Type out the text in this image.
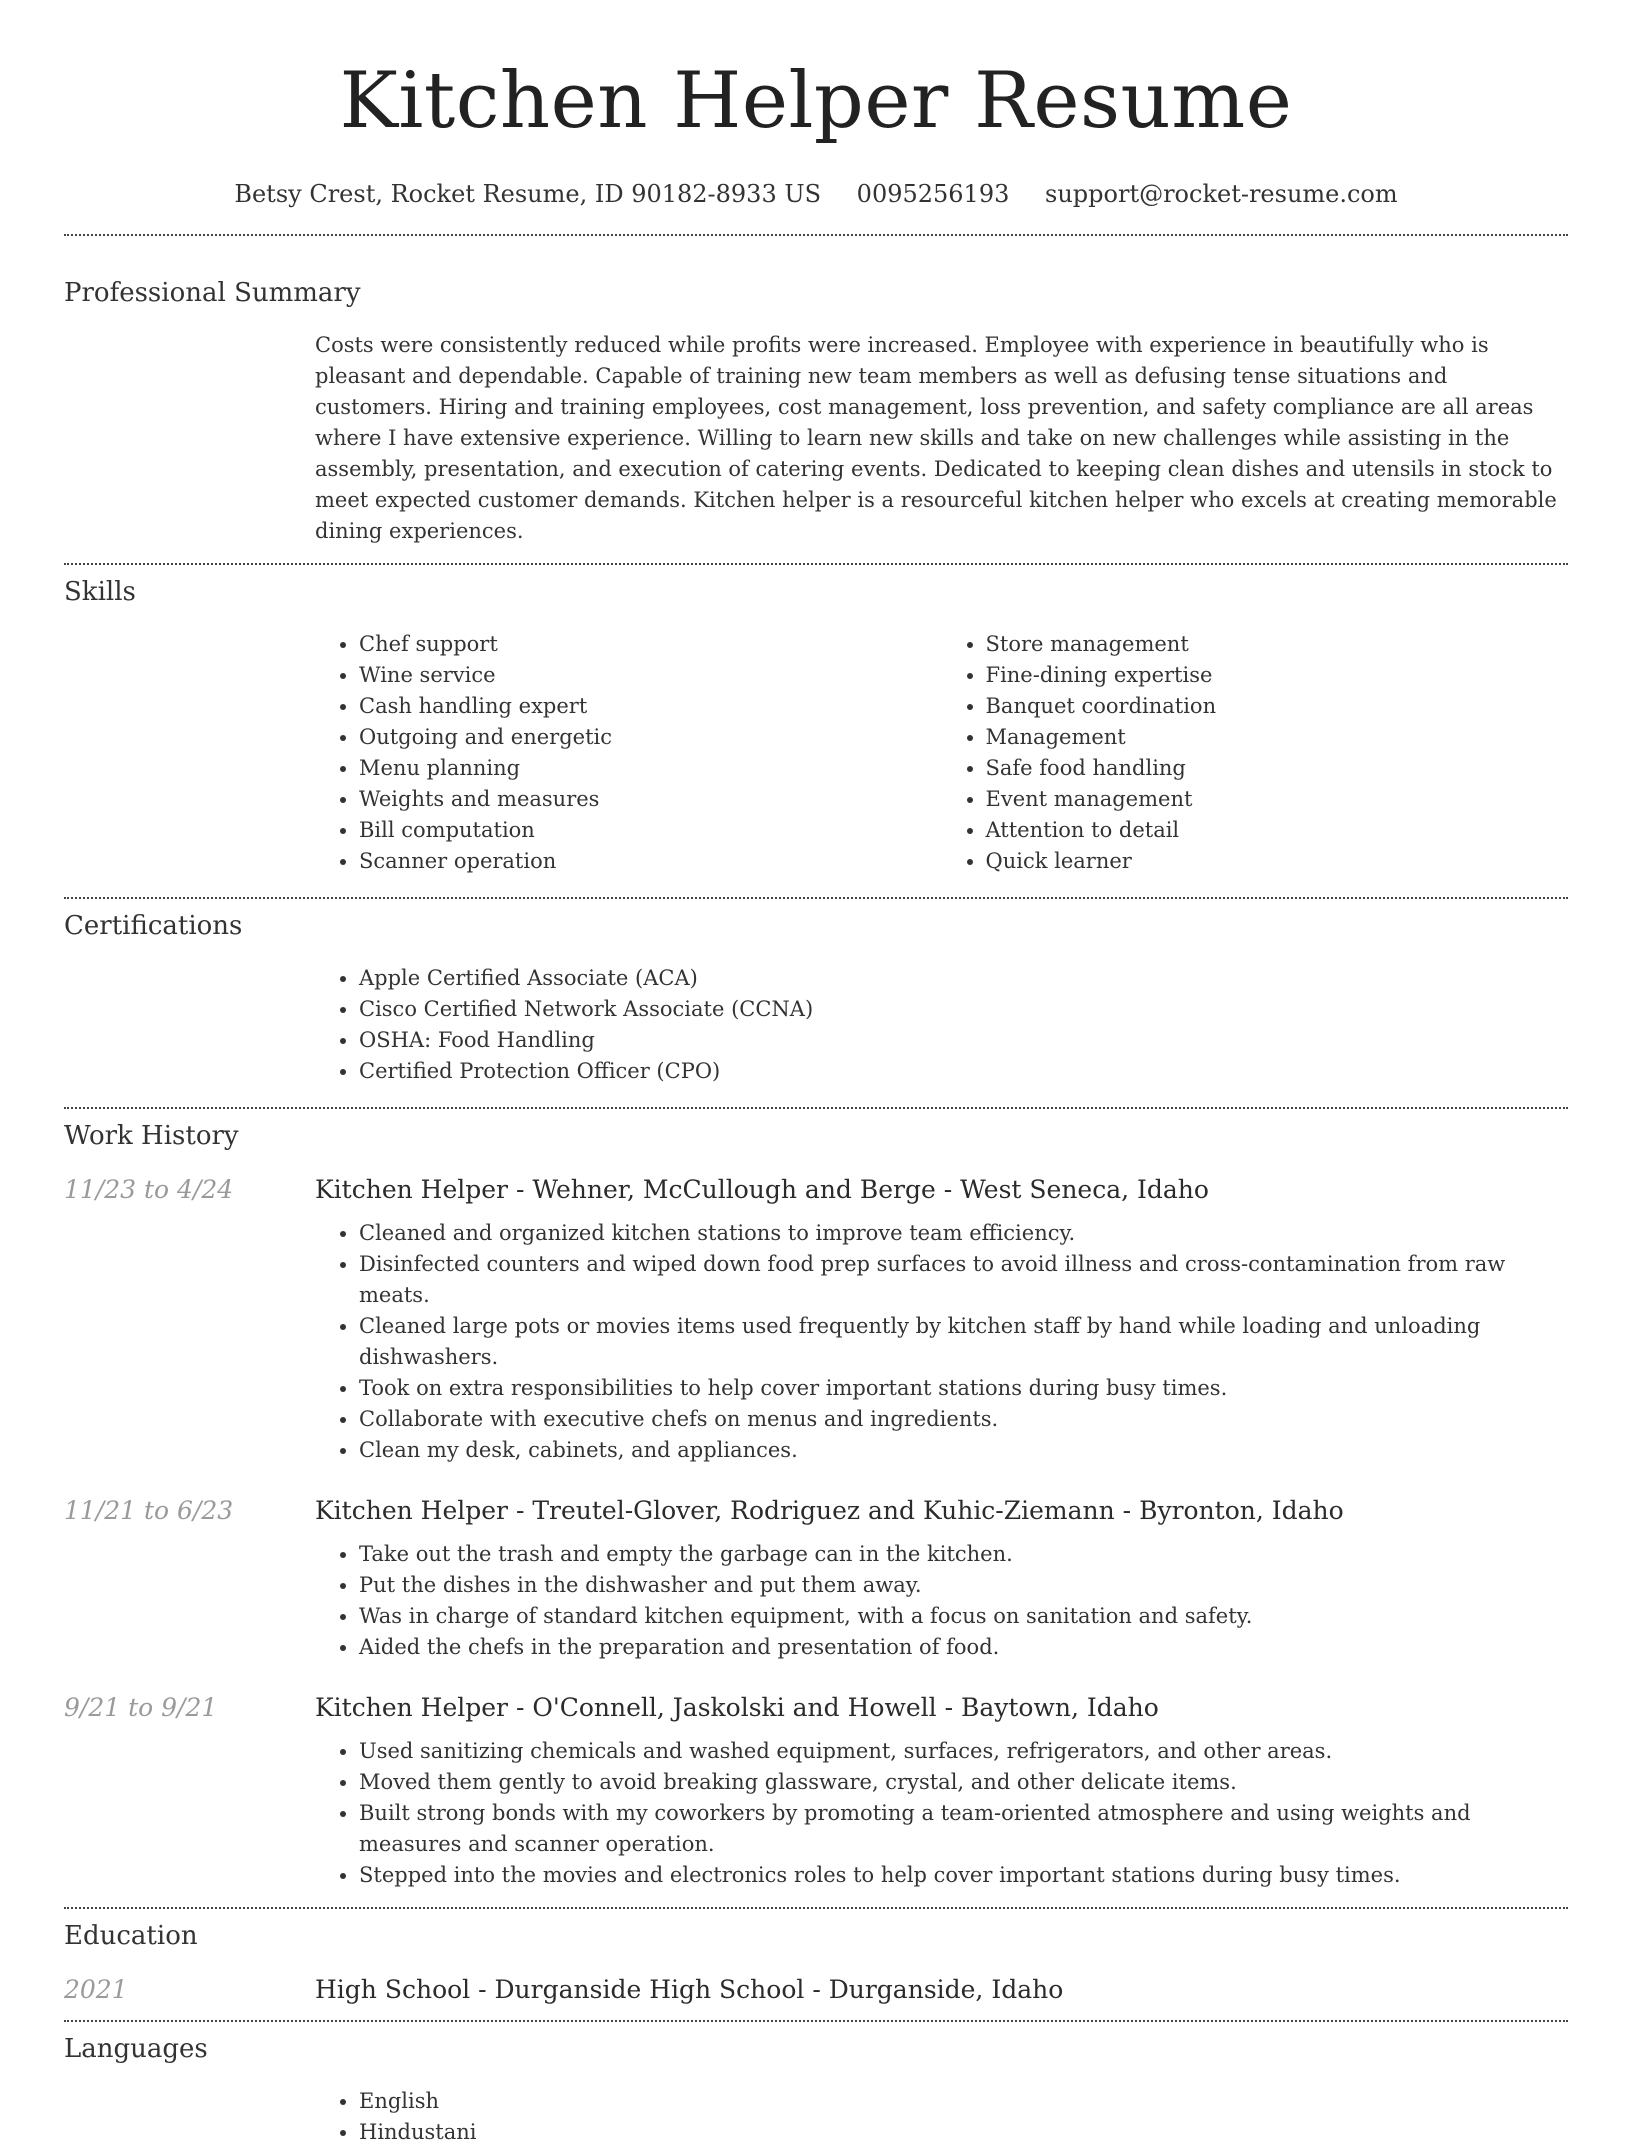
Kitchen Helper Resume
Betsy Crest, Rocket Resume, ID 90182-8933 US 0095256193 support@rocket-resume.com
Professional Summary

Costs were consistently reduced while profits were increased. Employee with experience in beautifully who is pleasant and dependable. Capable of training new team members as well as defusing tense situations and customers. Hiring and training employees, cost management, loss prevention, and safety compliance are all areas where I have extensive experience. Willing to learn new skills and take on new challenges while assisting in the assembly, presentation, and execution of catering events. Dedicated to keeping clean dishes and utensils in stock to meet expected customer demands. Kitchen helper is a resourceful kitchen helper who excels at creating memorable dining experiences.

Skills
• Chef support
• Wine service
• Cash handling expert
• Outgoing and energetic
• Menu planning
• Weights and measures
• Bill computation
• Scanner operation
• Store management
• Fine-dining expertise
• Banquet coordination
• Management
• Safe food handling
• Event management
• Attention to detail
• Quick learner
Certifications
• Apple Certified Associate (ACA)
• Cisco Certified Network Associate (CCNA)
• OSHA: Food Handling
• Certified Protection Officer (CPO)
Work History
11/23 to 4/24	Kitchen Helper - Wehner, McCullough and Berge - West Seneca, Idaho
• Cleaned and organized kitchen stations to improve team efficiency.
• Disinfected counters and wiped down food prep surfaces to avoid illness and cross-contamination from raw meats.
• Cleaned large pots or movies items used frequently by kitchen staff by hand while loading and unloading dishwashers.
• Took on extra responsibilities to help cover important stations during busy times.
• Collaborate with executive chefs on menus and ingredients.
• Clean my desk, cabinets, and appliances.
11/21 to 6/23	Kitchen Helper - Treutel-Glover, Rodriguez and Kuhic-Ziemann - Byronton, Idaho
• Take out the trash and empty the garbage can in the kitchen.
• Put the dishes in the dishwasher and put them away.
• Was in charge of standard kitchen equipment, with a focus on sanitation and safety.
• Aided the chefs in the preparation and presentation of food.
9/21 to 9/21	Kitchen Helper - O'Connell, Jaskolski and Howell - Baytown, Idaho
• Used sanitizing chemicals and washed equipment, surfaces, refrigerators, and other areas.
• Moved them gently to avoid breaking glassware, crystal, and other delicate items.
• Built strong bonds with my coworkers by promoting a team-oriented atmosphere and using weights and measures and scanner operation.
• Stepped into the movies and electronics roles to help cover important stations during busy times.
Education
2021	High School - Durganside High School - Durganside, Idaho
Languages
• English
• Hindustani
